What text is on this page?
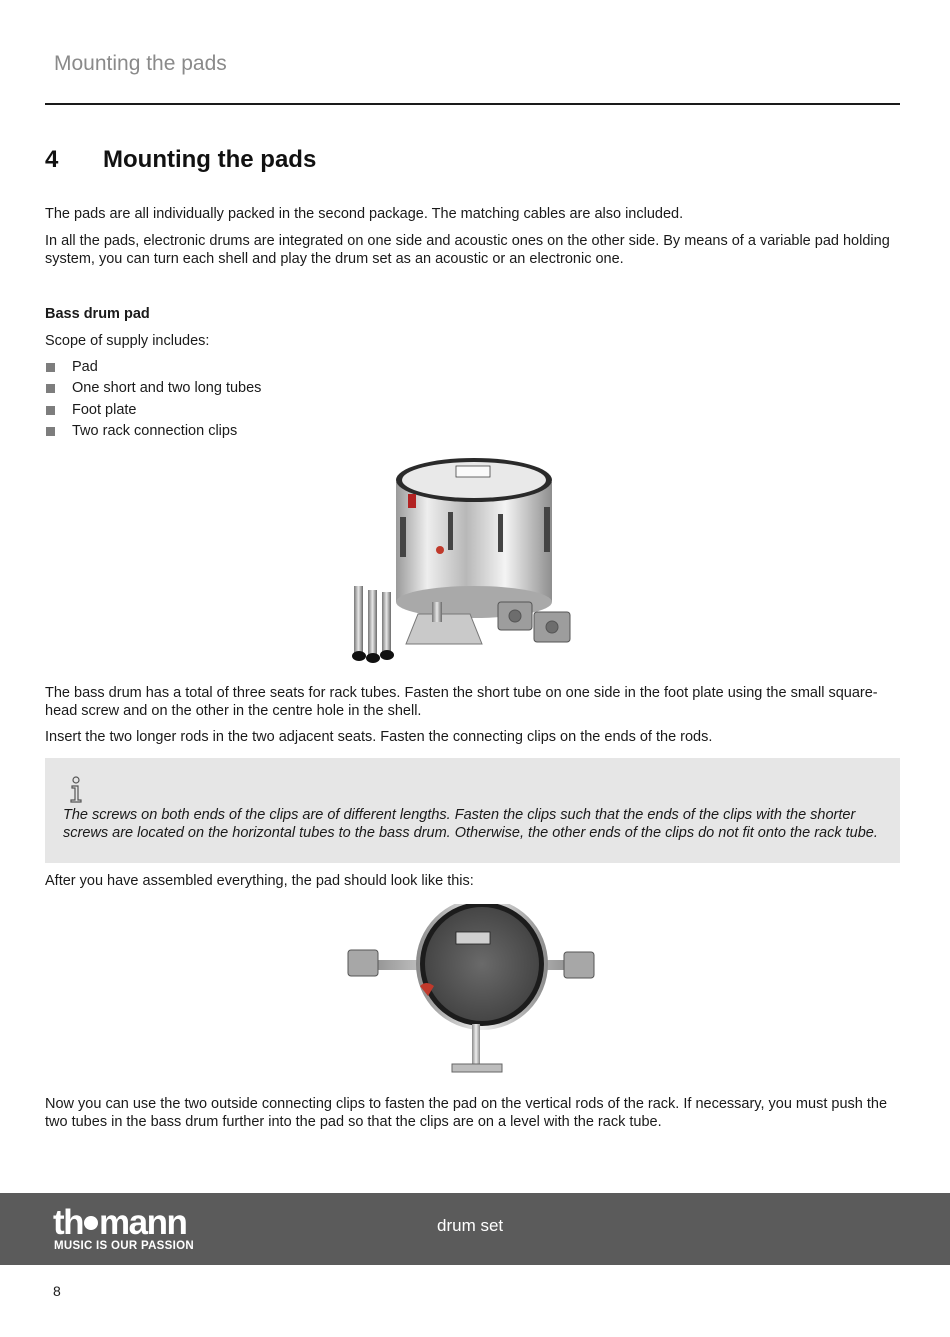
Mounting the pads
4 Mounting the pads
The pads are all individually packed in the second package. The matching cables are also included.
In all the pads, electronic drums are integrated on one side and acoustic ones on the other side. By means of a variable pad holding system, you can turn each shell and play the drum set as an acoustic or an electronic one.
Bass drum pad
Scope of supply includes:
Pad
One short and two long tubes
Foot plate
Two rack connection clips
The bass drum has a total of three seats for rack tubes. Fasten the short tube on one side in the foot plate using the small square-head screw and on the other in the centre hole in the shell.
Insert the two longer rods in the two adjacent seats. Fasten the connecting clips on the ends of the rods.
The screws on both ends of the clips are of different lengths. Fasten the clips such that the ends of the clips with the shorter screws are located on the horizontal tubes to the bass drum. Otherwise, the other ends of the clips do not fit onto the rack tube.
After you have assembled everything, the pad should look like this:
Now you can use the two outside connecting clips to fasten the pad on the vertical rods of the rack. If necessary, you must push the two tubes in the bass drum further into the pad so that the clips are on a level with the rack tube.
th mann
MUSIC IS OUR PASSION
drum set
8
